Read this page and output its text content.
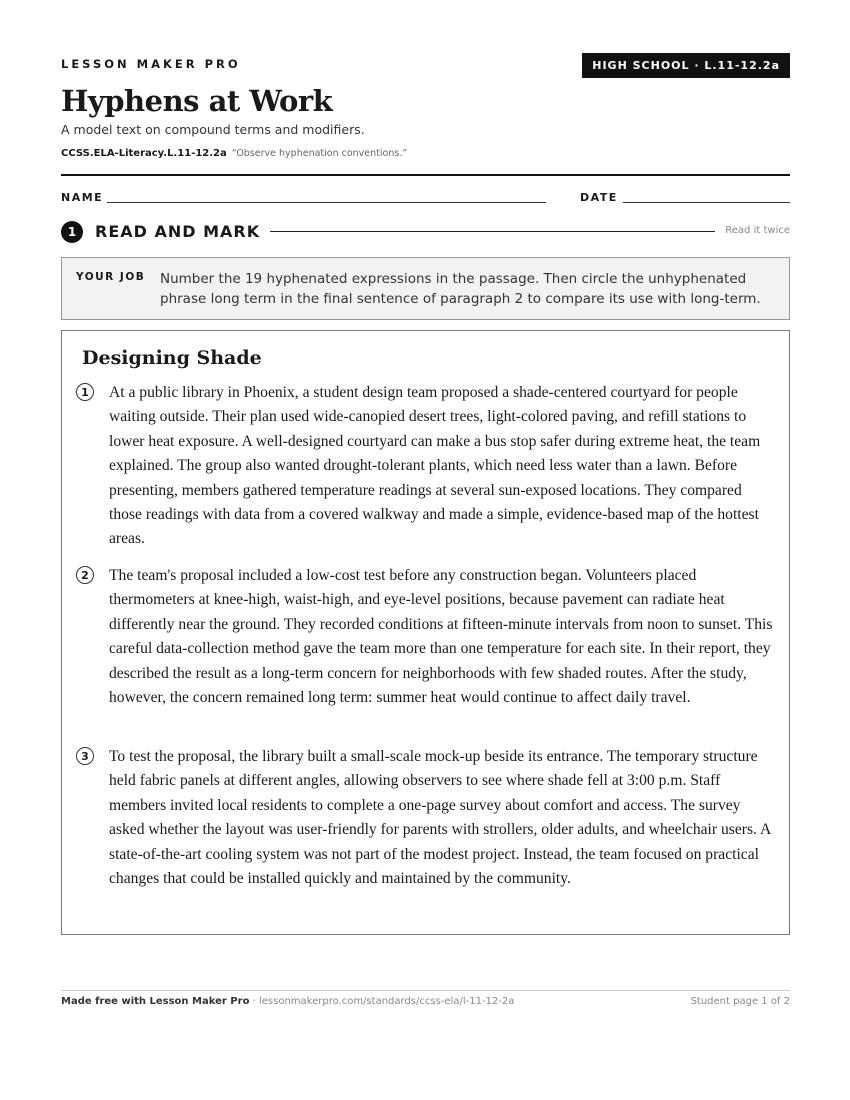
LESSON MAKER PRO	HIGH SCHOOL · L.11-12.2a
Hyphens at Work
A model text on compound terms and modifiers.
CCSS.ELA-Literacy.L.11-12.2a “Observe hyphenation conventions.”
NAME	DATE
1	READ AND MARK	Read it twice
YOUR JOB Number the 19 hyphenated expressions in the passage. Then circle the unhyphenated phrase long term in the final sentence of paragraph 2 to compare its use with long-term.
Designing Shade
1	At a public library in Phoenix, a student design team proposed a shade-centered courtyard for people waiting outside. Their plan used wide-canopied desert trees, light-colored paving, and refill stations to lower heat exposure. A well-designed courtyard can make a bus stop safer during extreme heat, the team explained. The group also wanted drought-tolerant plants, which need less water than a lawn. Before presenting, members gathered temperature readings at several sun-exposed locations. They compared those readings with data from a covered walkway and made a simple, evidence-based map of the hottest areas.
2	The team's proposal included a low-cost test before any construction began. Volunteers placed thermometers at knee-high, waist-high, and eye-level positions, because pavement can radiate heat differently near the ground. They recorded conditions at fifteen-minute intervals from noon to sunset. This careful data-collection method gave the team more than one temperature for each site. In their report, they described the result as a long-term concern for neighborhoods with few shaded routes. After the study, however, the concern remained long term: summer heat would continue to affect daily travel.
3	To test the proposal, the library built a small-scale mock-up beside its entrance. The temporary structure held fabric panels at different angles, allowing observers to see where shade fell at 3:00 p.m. Staff members invited local residents to complete a one-page survey about comfort and access. The survey asked whether the layout was user-friendly for parents with strollers, older adults, and wheelchair users. A state-of-the-art cooling system was not part of the modest project. Instead, the team focused on practical changes that could be installed quickly and maintained by the community.
Made free with Lesson Maker Pro · lessonmakerpro.com/standards/ccss-ela/l-11-12-2a	Student page 1 of 2
